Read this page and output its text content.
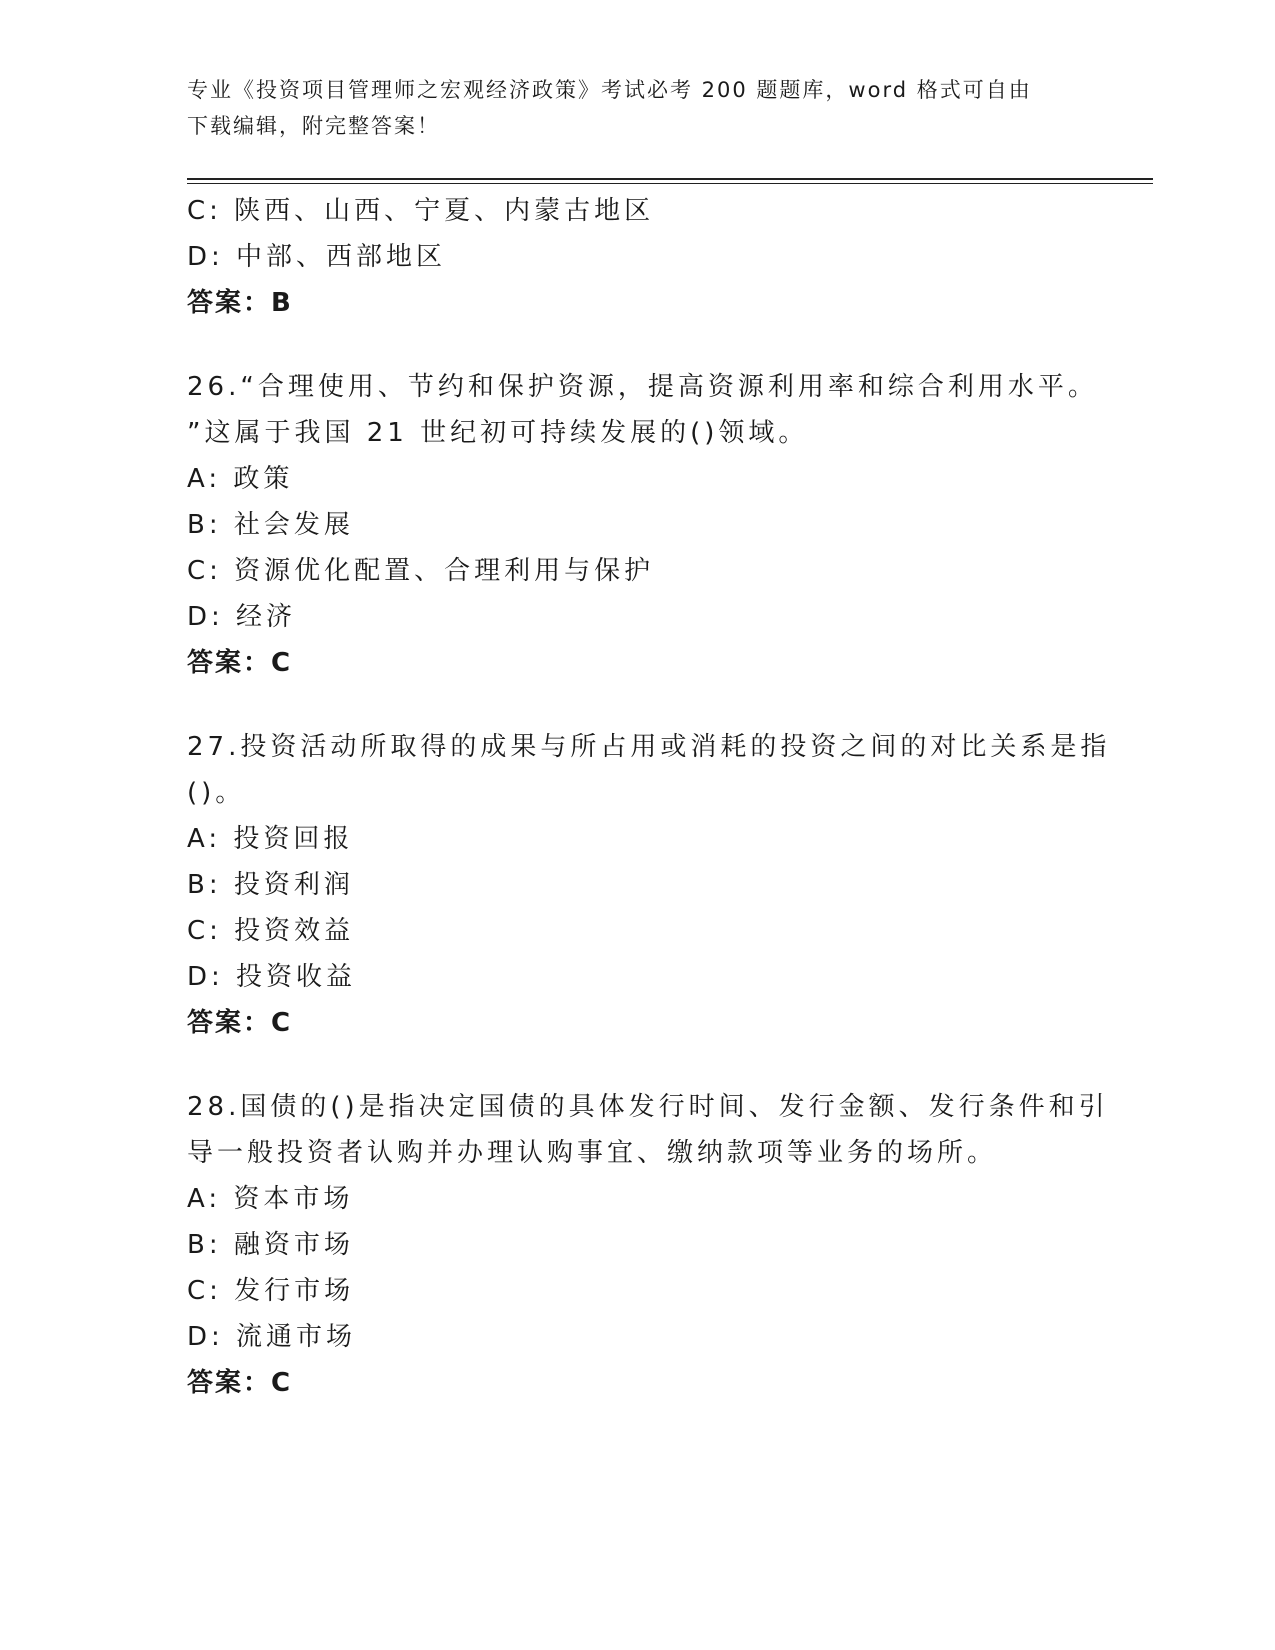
专业《投资项目管理师之宏观经济政策》考试必考 200 题题库，word 格式可自由
下载编辑，附完整答案！

C: 陕西、山西、宁夏、内蒙古地区

D: 中部、西部地区

答案：B

26.“合理使用、节约和保护资源，提高资源利用率和综合利用水平。

”这属于我国 21 世纪初可持续发展的()领域。

A: 政策

B: 社会发展

C: 资源优化配置、合理利用与保护

D: 经济

答案：C

27.投资活动所取得的成果与所占用或消耗的投资之间的对比关系是指

()。

A: 投资回报

B: 投资利润

C: 投资效益

D: 投资收益

答案：C

28.国债的()是指决定国债的具体发行时间、发行金额、发行条件和引

导一般投资者认购并办理认购事宜、缴纳款项等业务的场所。

A: 资本市场

B: 融资市场

C: 发行市场

D: 流通市场

答案：C
